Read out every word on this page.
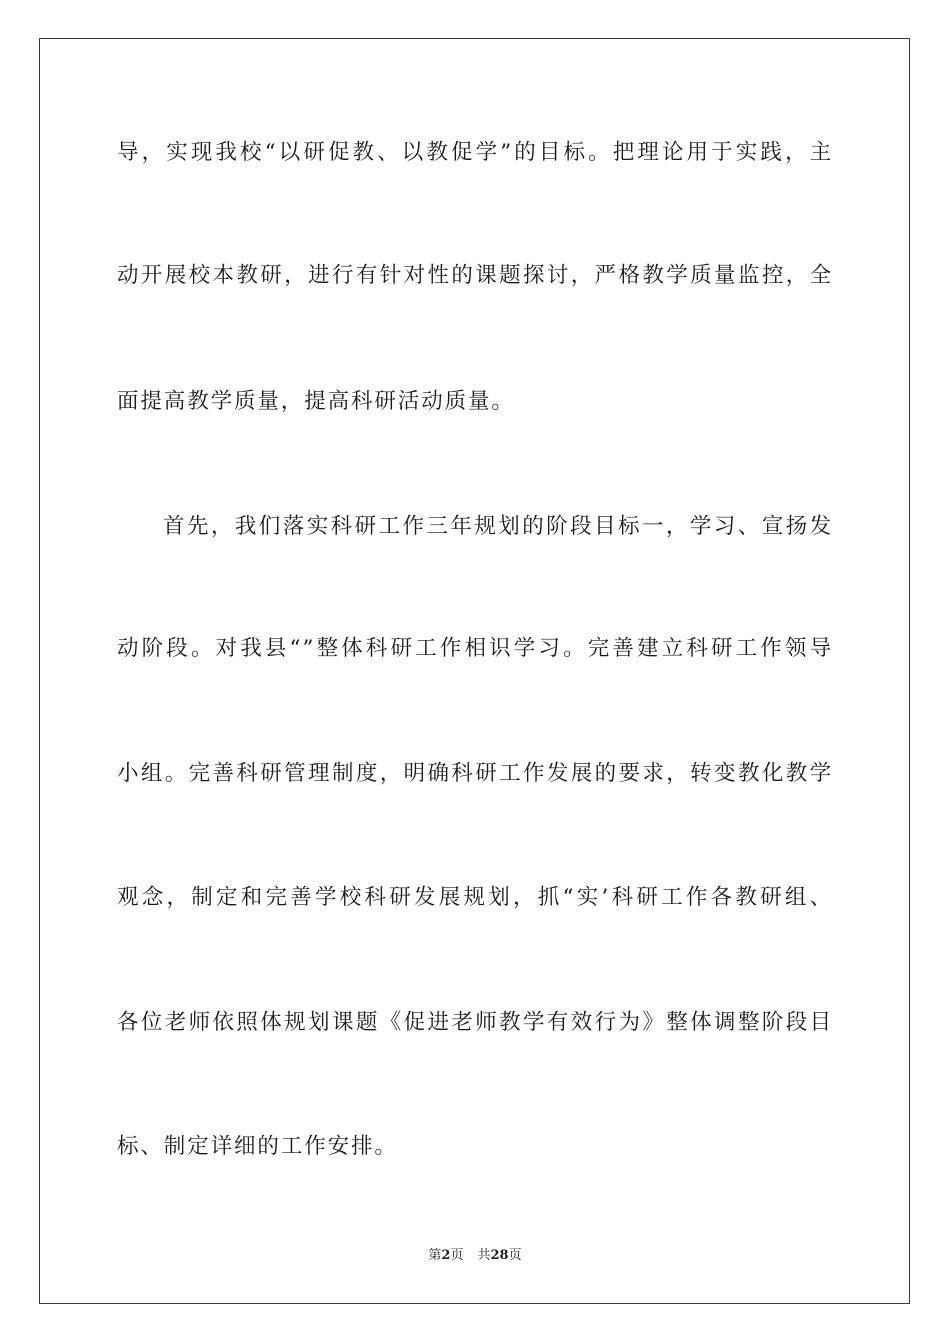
导，实现我校“以研促教、以教促学”的目标。把理论用于实践，主
动开展校本教研，进行有针对性的课题探讨，严格教学质量监控，全
面提高教学质量，提高科研活动质量。
首先，我们落实科研工作三年规划的阶段目标一，学习、宣扬发
动阶段。对我县“”整体科研工作相识学习。完善建立科研工作领导
小组。完善科研管理制度，明确科研工作发展的要求，转变教化教学
观念，制定和完善学校科研发展规划，抓“实’科研工作各教研组、
各位老师依照体规划课题《促进老师教学有效行为》整体调整阶段目
标、制定详细的工作安排。
第2页 共28页
